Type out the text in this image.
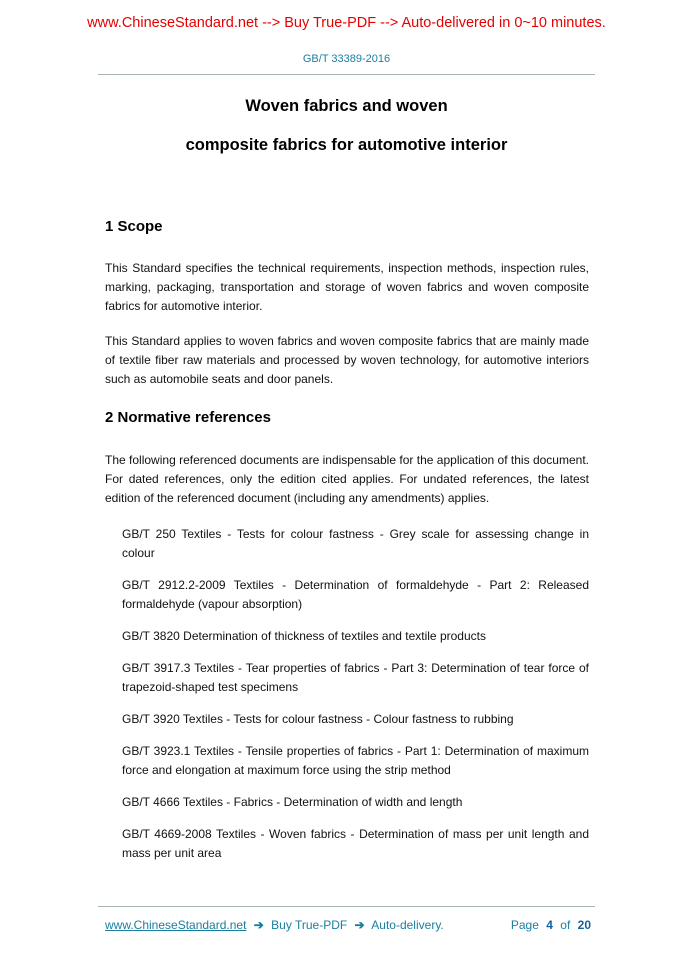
www.ChineseStandard.net --> Buy True-PDF --> Auto-delivered in 0~10 minutes.
GB/T 33389-2016
Woven fabrics and woven
composite fabrics for automotive interior
1 Scope

This Standard specifies the technical requirements, inspection methods, inspection rules, marking, packaging, transportation and storage of woven fabrics and woven composite fabrics for automotive interior.

This Standard applies to woven fabrics and woven composite fabrics that are mainly made of textile fiber raw materials and processed by woven technology, for automotive interiors such as automobile seats and door panels.

2 Normative references

The following referenced documents are indispensable for the application of this document. For dated references, only the edition cited applies. For undated references, the latest edition of the referenced document (including any amendments) applies.

GB/T 250 Textiles - Tests for colour fastness - Grey scale for assessing change in colour

GB/T 2912.2-2009 Textiles - Determination of formaldehyde - Part 2: Released formaldehyde (vapour absorption)

GB/T 3820 Determination of thickness of textiles and textile products

GB/T 3917.3 Textiles - Tear properties of fabrics - Part 3: Determination of tear force of trapezoid-shaped test specimens

GB/T 3920 Textiles - Tests for colour fastness - Colour fastness to rubbing

GB/T 3923.1 Textiles - Tensile properties of fabrics - Part 1: Determination of maximum force and elongation at maximum force using the strip method

GB/T 4666 Textiles - Fabrics - Determination of width and length

GB/T 4669-2008 Textiles - Woven fabrics - Determination of mass per unit length and mass per unit area

www.ChineseStandard.net ➔ Buy True-PDF ➔ Auto-delivery.	Page 4 of 20
